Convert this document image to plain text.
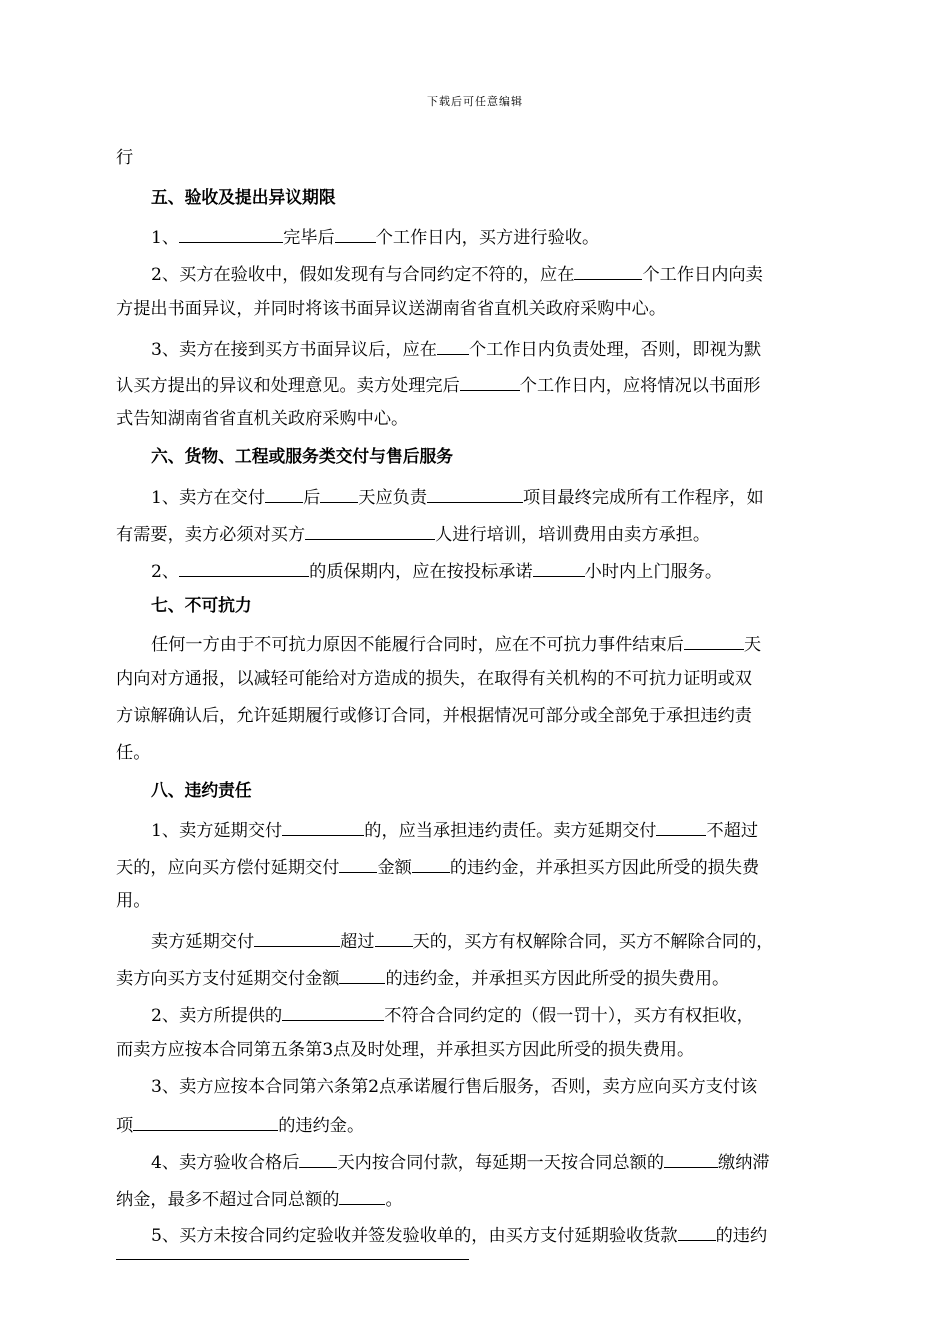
下载后可任意编辑
行
五、验收及提出异议期限
1、	完毕后 个工作日内，买方进行验收。
2、买方在验收中，假如发现有与合同约定不符的，应在	个工作日内向卖
方提出书面异议，并同时将该书面异议送湖南省省直机关政府采购中心。
3、卖方在接到买方书面异议后，应在 个工作日内负责处理，否则，即视为默
认买方提出的异议和处理意见。卖方处理完后	个工作日内，应将情况以书面形
式告知湖南省省直机关政府采购中心。
六、货物、工程或服务类交付与售后服务
1、卖方在交付 后 天应负责	项目最终完成所有工作程序，如
有需要，卖方必须对买方	人进行培训，培训费用由卖方承担。
2、	的质保期内，应在按投标承诺	小时内上门服务。
七、不可抗力
任何一方由于不可抗力原因不能履行合同时，应在不可抗力事件结束后	天
内向对方通报，以减轻可能给对方造成的损失，在取得有关机构的不可抗力证明或双
方谅解确认后，允许延期履行或修订合同，并根据情况可部分或全部免于承担违约责
任。
八、违约责任
1、卖方延期交付	的，应当承担违约责任。卖方延期交付	不超过
天的，应向买方偿付延期交付 金额 的违约金，并承担买方因此所受的损失费
用。
卖方延期交付	超过 天的，买方有权解除合同，买方不解除合同的，
卖方向买方支付延期交付金额	的违约金，并承担买方因此所受的损失费用。
2、卖方所提供的	不符合合同约定的（假一罚十），买方有权拒收，
而卖方应按本合同第五条第3点及时处理，并承担买方因此所受的损失费用。
3、卖方应按本合同第六条第2点承诺履行售后服务，否则，卖方应向买方支付该
项	的违约金。
4、卖方验收合格后 天内按合同付款，每延期一天按合同总额的	缴纳滞
纳金，最多不超过合同总额的	。
5、买方未按合同约定验收并签发验收单的，由买方支付延期验收货款 的违约
